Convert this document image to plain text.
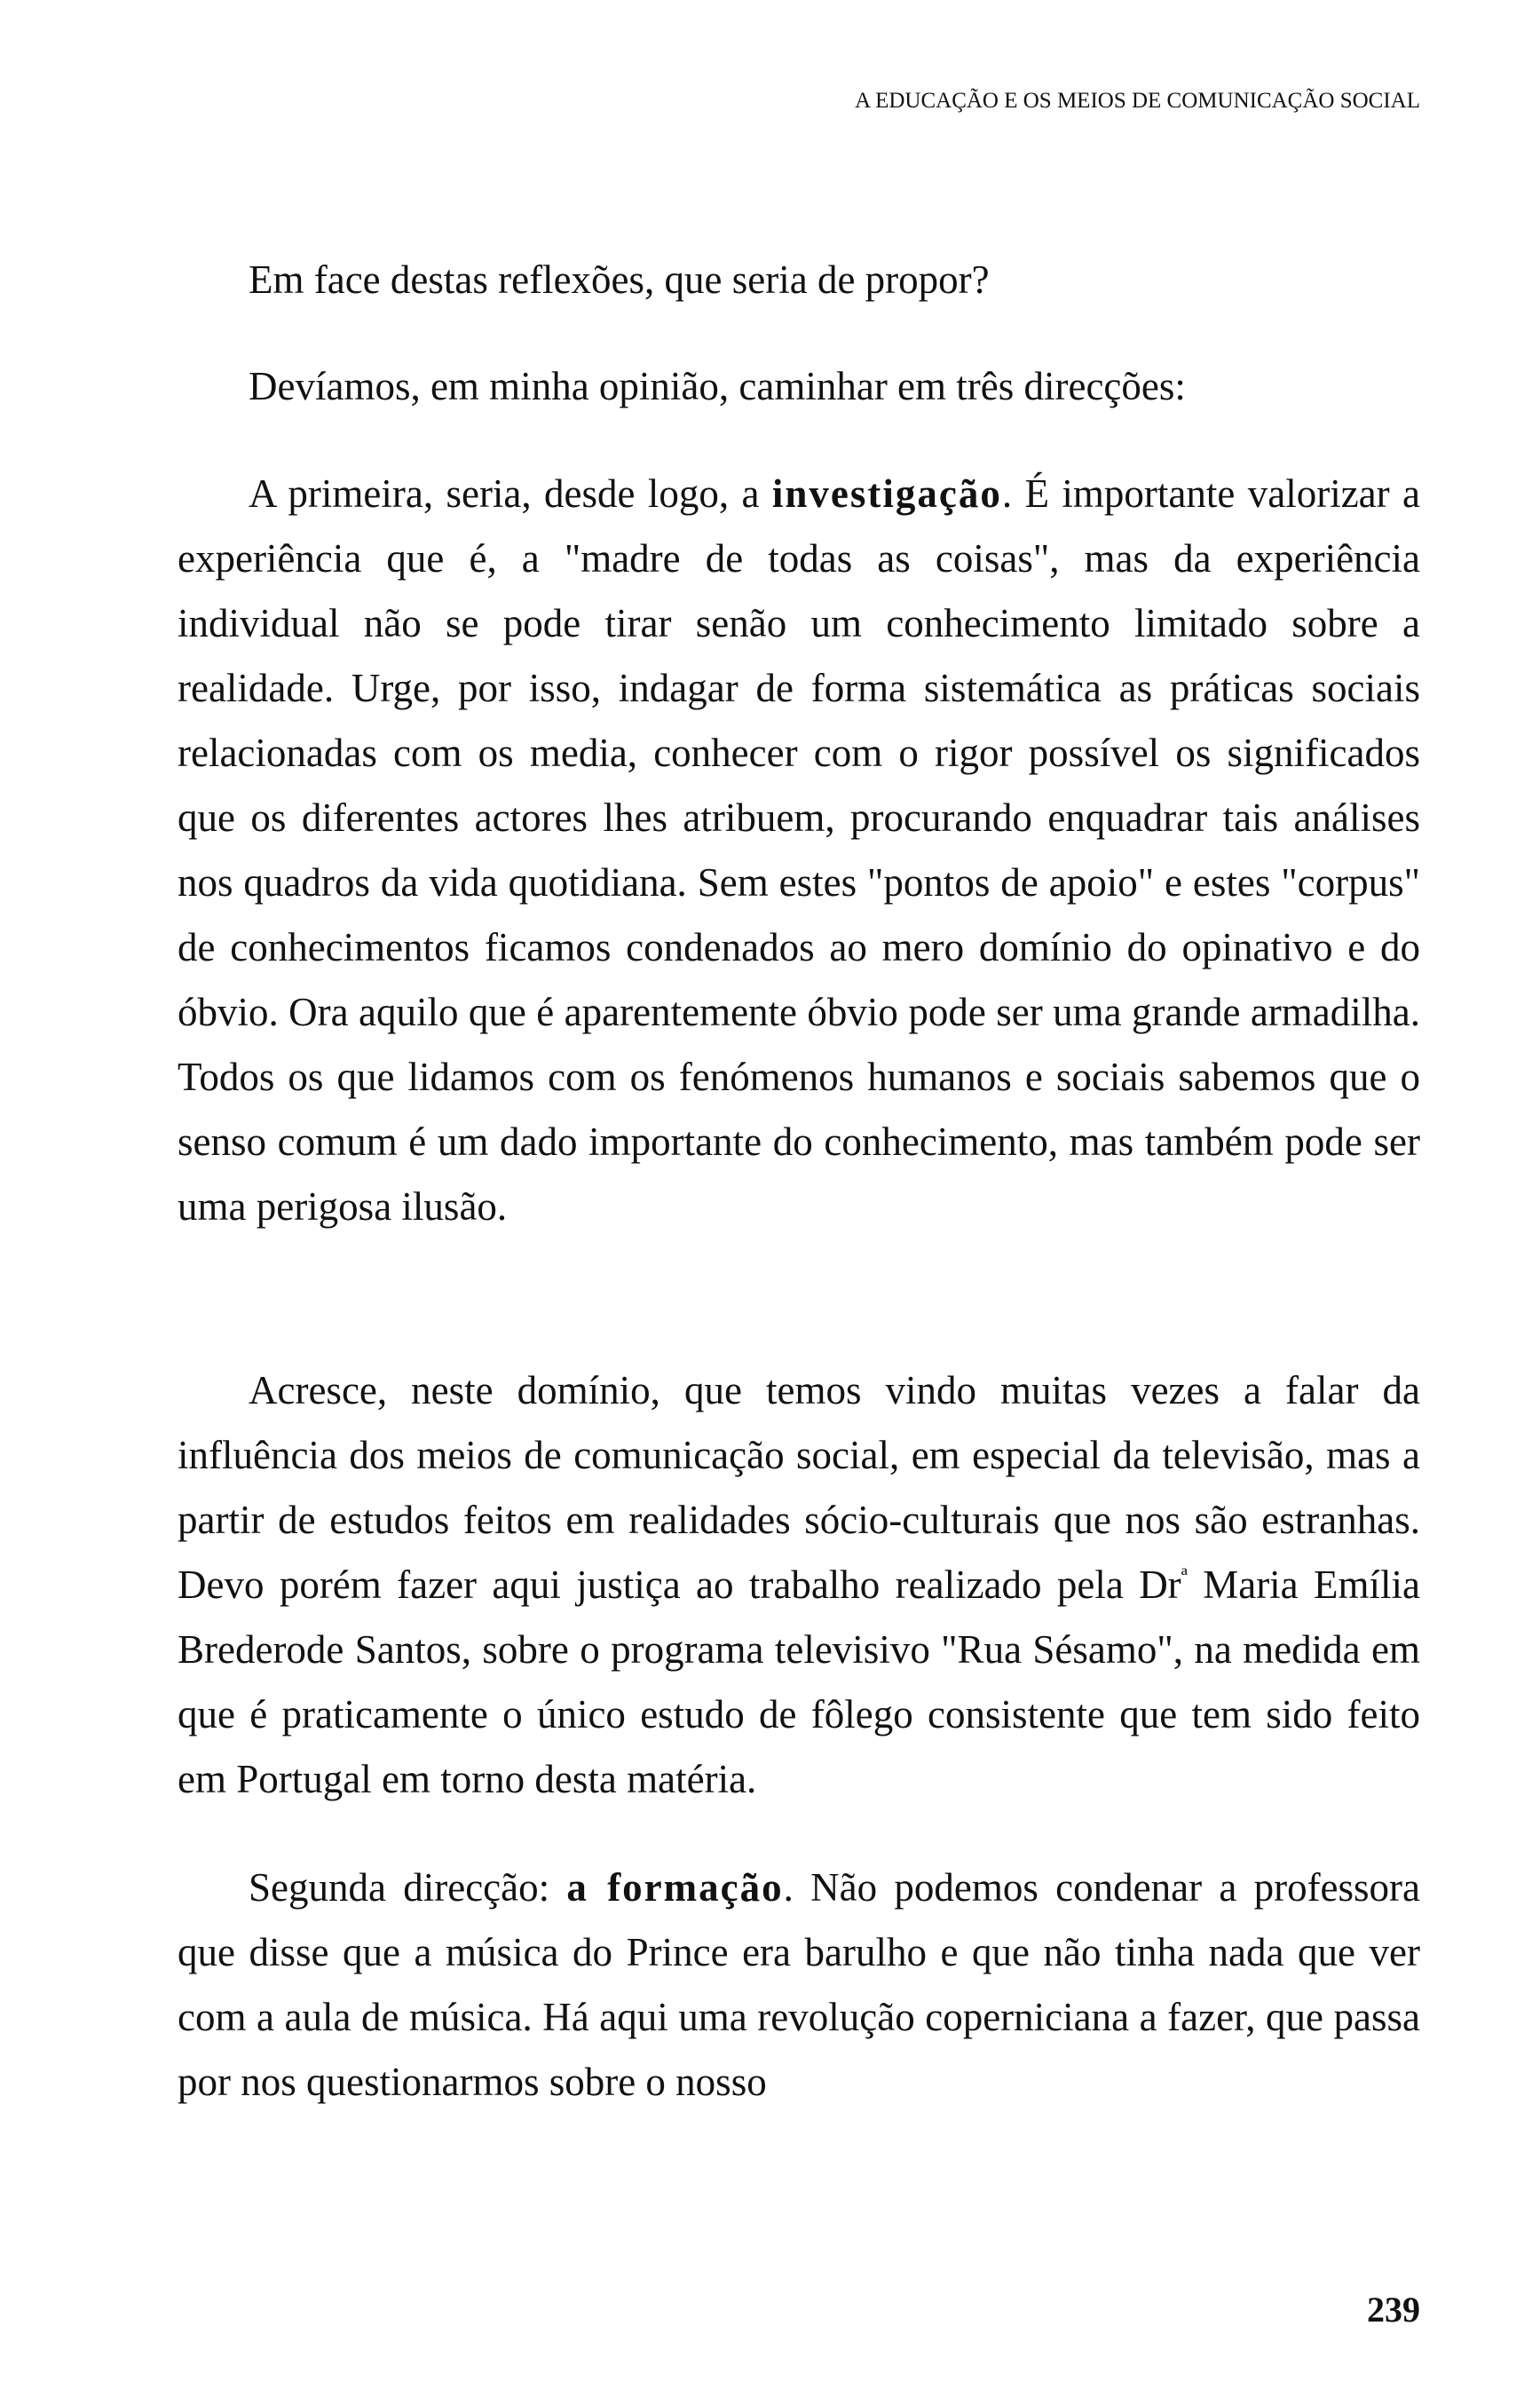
A EDUCAÇÃO E OS MEIOS DE COMUNICAÇÃO SOCIAL

Em face destas reflexões, que seria de propor?

Devíamos, em minha opinião, caminhar em três direcções:

A primeira, seria, desde logo, a investigação. É importante valorizar a experiência que é, a "madre de todas as coisas", mas da experiência individual não se pode tirar senão um conhecimento limitado sobre a realidade. Urge, por isso, indagar de forma sistemática as práticas sociais relacionadas com os media, conhecer com o rigor possível os significados que os diferentes actores lhes atribuem, procurando enquadrar tais análises nos quadros da vida quotidiana. Sem estes "pontos de apoio" e estes "corpus" de conhecimentos ficamos condenados ao mero domínio do opinativo e do óbvio. Ora aquilo que é aparentemente óbvio pode ser uma grande armadilha. Todos os que lidamos com os fenómenos humanos e sociais sabemos que o senso comum é um dado importante do conhecimento, mas também pode ser uma perigosa ilusão.

Acresce, neste domínio, que temos vindo muitas vezes a falar da influência dos meios de comunicação social, em especial da televisão, mas a partir de estudos feitos em realidades sócio-culturais que nos são estranhas. Devo porém fazer aqui justiça ao trabalho realizado pela $Dr^ª$ Maria Emília Brederode Santos, sobre o programa televisivo "Rua Sésamo", na medida em que é praticamente o único estudo de fôlego consistente que tem sido feito em Portugal em torno desta matéria.

Segunda direcção: a formação. Não podemos condenar a professora que disse que a música do Prince era barulho e que não tinha nada que ver com a aula de música. Há aqui uma revolução coperniciana a fazer, que passa por nos questionarmos sobre o nosso

239
